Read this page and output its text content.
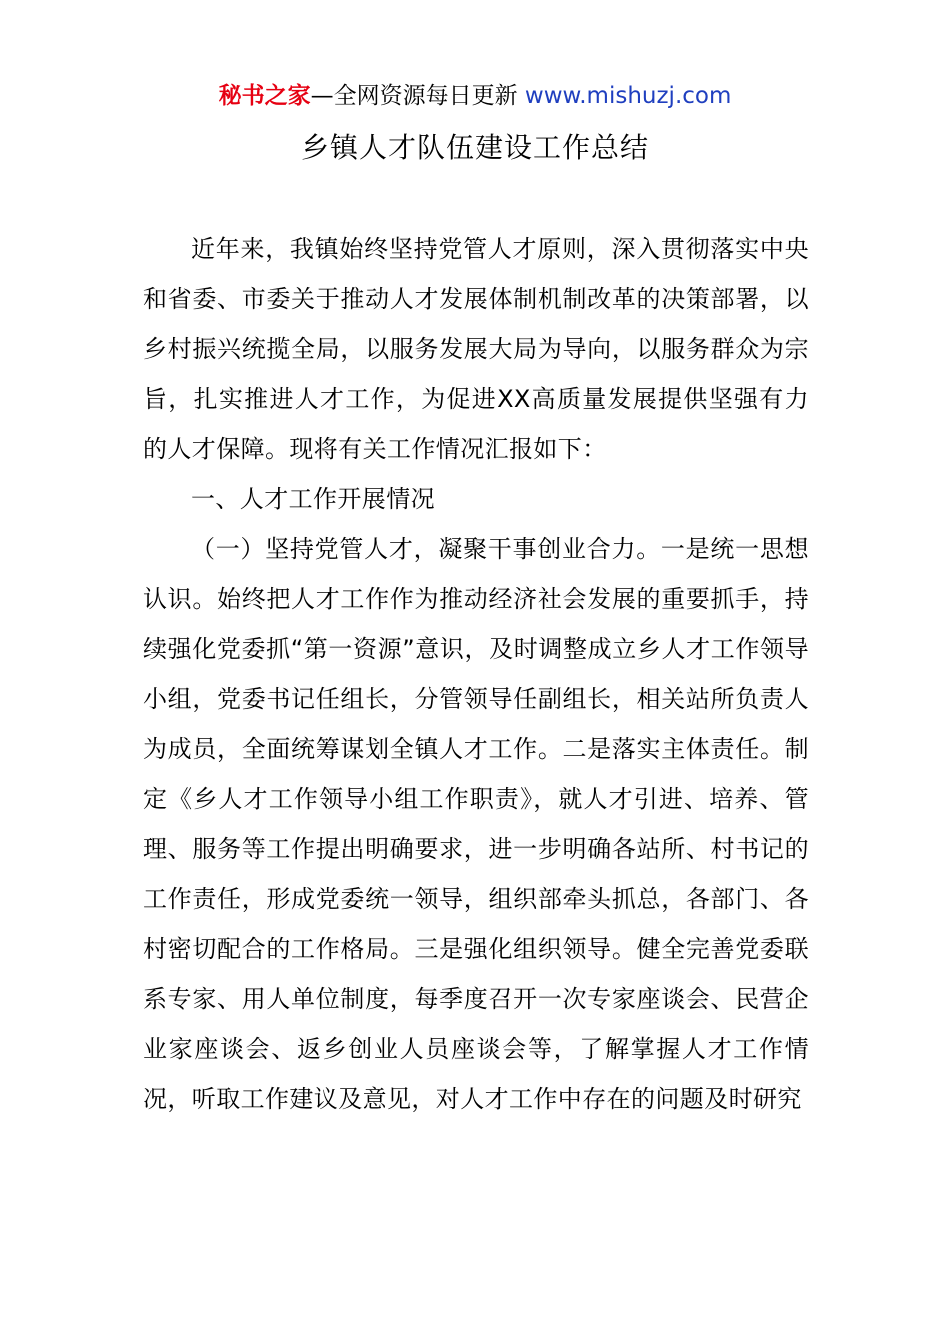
秘书之家—全网资源每日更新 www.mishuzj.com
乡镇人才队伍建设工作总结

近年来，我镇始终坚持党管人才原则，深入贯彻落实中央和省委、市委关于推动人才发展体制机制改革的决策部署，以乡村振兴统揽全局，以服务发展大局为导向，以服务群众为宗旨，扎实推进人才工作，为促进XX高质量发展提供坚强有力的人才保障。现将有关工作情况汇报如下：

一、人才工作开展情况

（一）坚持党管人才，凝聚干事创业合力。一是统一思想认识。始终把人才工作作为推动经济社会发展的重要抓手，持续强化党委抓“第一资源”意识，及时调整成立乡人才工作领导小组，党委书记任组长，分管领导任副组长，相关站所负责人为成员，全面统筹谋划全镇人才工作。二是落实主体责任。制定《乡人才工作领导小组工作职责》，就人才引进、培养、管理、服务等工作提出明确要求，进一步明确各站所、村书记的工作责任，形成党委统一领导，组织部牵头抓总，各部门、各村密切配合的工作格局。三是强化组织领导。健全完善党委联系专家、用人单位制度，每季度召开一次专家座谈会、民营企业家座谈会、返乡创业人员座谈会等，了解掌握人才工作情况，听取工作建议及意见，对人才工作中存在的问题及时研究
